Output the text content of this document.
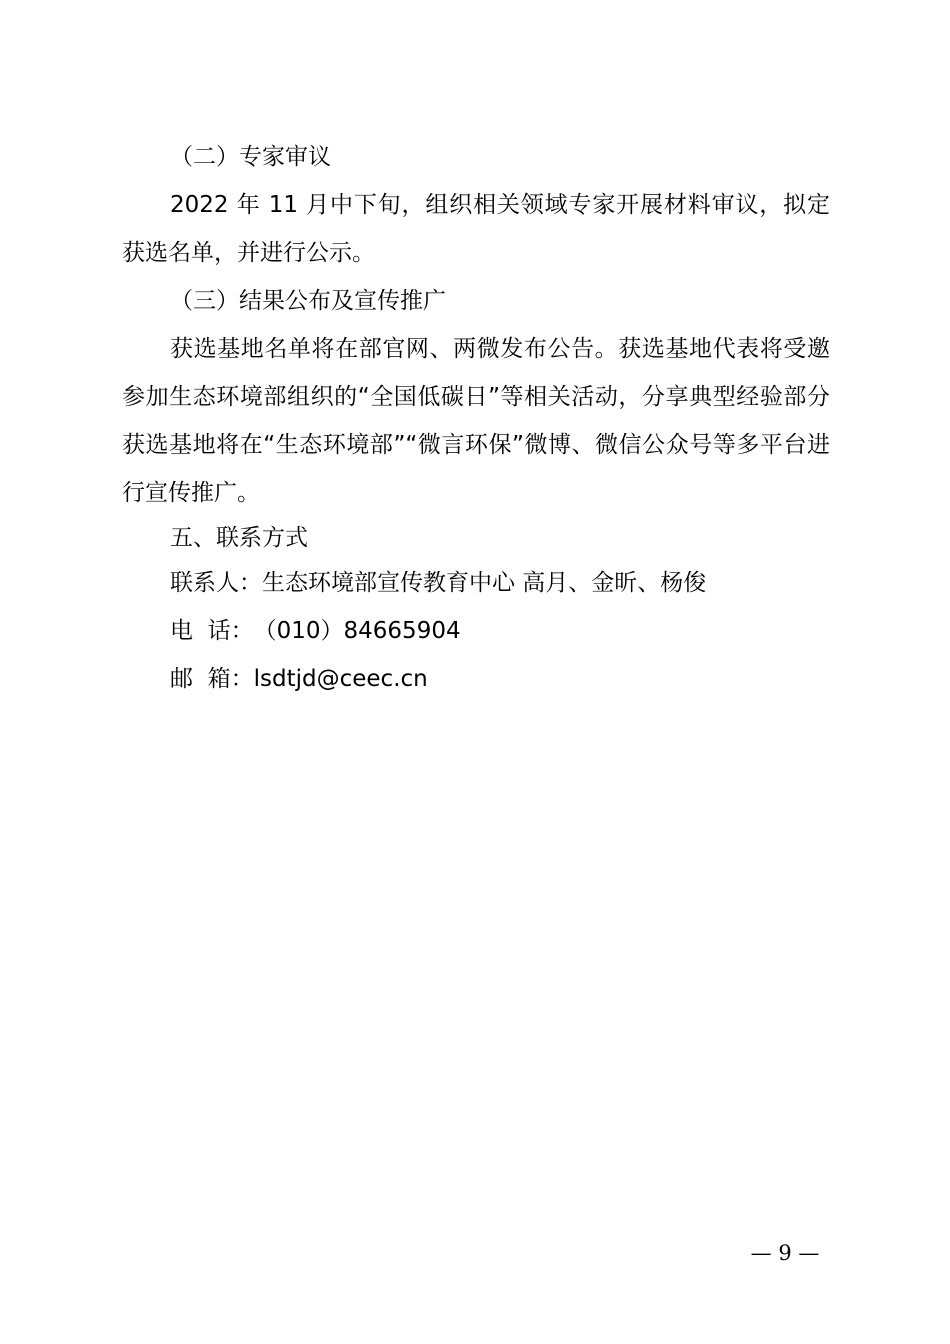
（二）专家审议

2022 年 11 月中下旬，组织相关领域专家开展材料审议，拟定获选名单，并进行公示。

（三）结果公布及宣传推广

获选基地名单将在部官网、两微发布公告。获选基地代表将受邀参加生态环境部组织的“全国低碳日”等相关活动，分享典型经验部分获选基地将在“生态环境部”“微言环保”微博、微信公众号等多平台进行宣传推广。

五、联系方式

联系人：生态环境部宣传教育中心 高月、金昕、杨俊

电  话：（010）84665904

邮  箱：lsdtjd@ceec.cn

— 9 —
